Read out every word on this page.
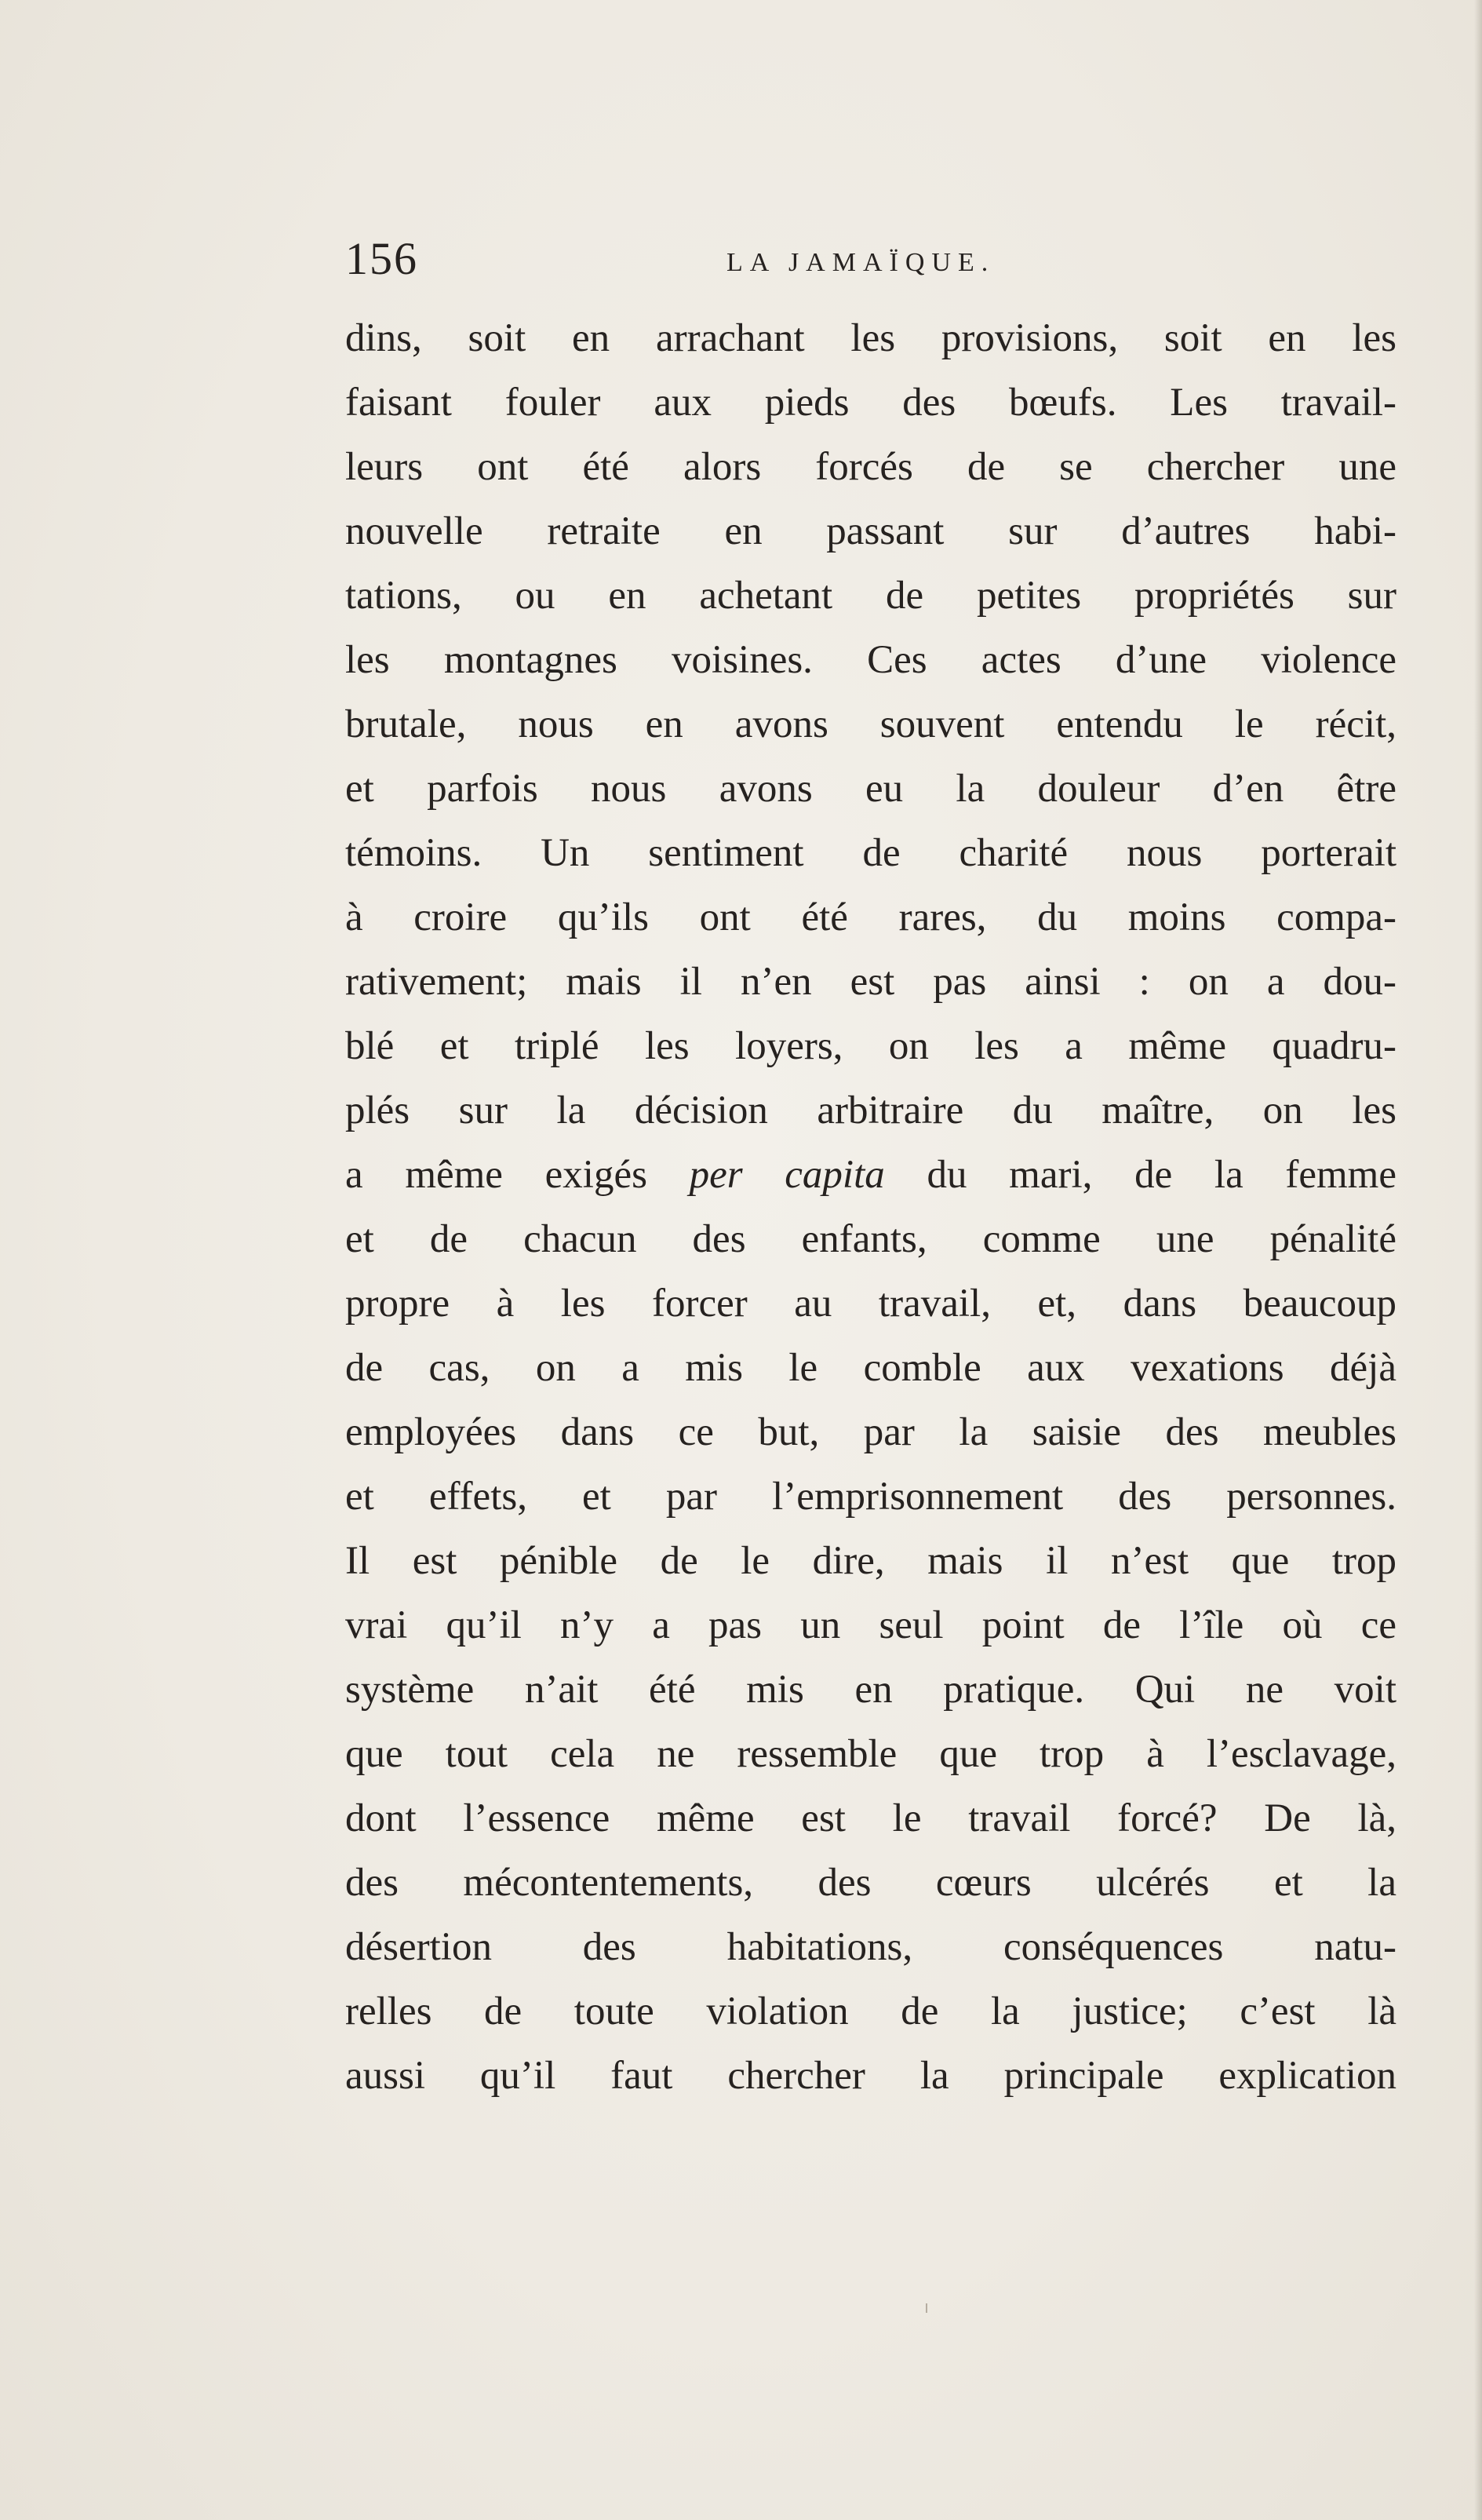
156	LA JAMAÏQUE.
dins, soit en arrachant les provisions, soit en les
faisant fouler aux pieds des bœufs. Les travail-
leurs ont été alors forcés de se chercher une
nouvelle retraite en passant sur d’autres habi-
tations, ou en achetant de petites propriétés sur
les montagnes voisines. Ces actes d’une violence
brutale, nous en avons souvent entendu le récit,
et parfois nous avons eu la douleur d’en être
témoins. Un sentiment de charité nous porterait
à croire qu’ils ont été rares, du moins compa-
rativement; mais il n’en est pas ainsi : on a dou-
blé et triplé les loyers, on les a même quadru-
plés sur la décision arbitraire du maître, on les
a même exigés per capita du mari, de la femme
et de chacun des enfants, comme une pénalité
propre à les forcer au travail, et, dans beaucoup
de cas, on a mis le comble aux vexations déjà
employées dans ce but, par la saisie des meubles
et effets, et par l’emprisonnement des personnes.
Il est pénible de le dire, mais il n’est que trop
vrai qu’il n’y a pas un seul point de l’île où ce
système n’ait été mis en pratique. Qui ne voit
que tout cela ne ressemble que trop à l’esclavage,
dont l’essence même est le travail forcé? De là,
des mécontentements, des cœurs ulcérés et la
désertion des habitations, conséquences natu-
relles de toute violation de la justice; c’est là
aussi qu’il faut chercher la principale explication
